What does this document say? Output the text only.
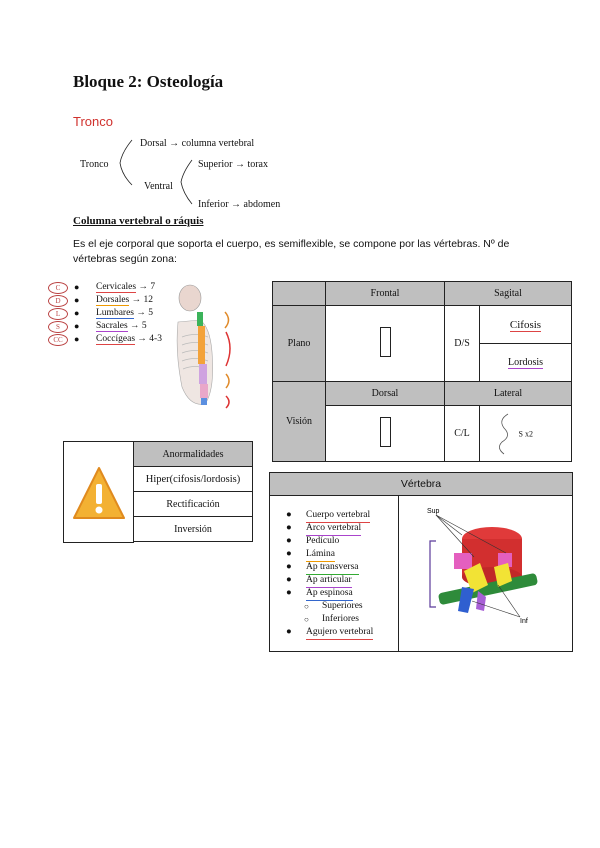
Bloque 2: Osteología
Tronco
Tronco
Dorsal → columna vertebral
Ventral
Superior → torax
Inferior → abdomen
Columna vertebral o ráquis
Es el eje corporal que soporta el cuerpo, es semiflexible, se compone por las vértebras. Nº de vértebras según zona:
C	● Cervicales → 7
D	● Dorsales → 12
L	● Lumbares → 5
S	● Sacrales → 5
CC	● Coccígeas → 4-3
	Frontal	Sagital	
Plano		D/S	Cifosis
			Lordosis
Visión	Dorsal	Lateral	
		C/L	S x2
Anormalidades
Hiper(cifosis/lordosis)
Rectificación
Inversión
Vértebra
● Cuerpo vertebral
● Arco vertebral
● Pedículo
● Lámina
● Ap transversa
● Ap articular
● Ap espinosa
○ Superiores
○ Inferiores
● Agujero vertebral
Sup
Inf
